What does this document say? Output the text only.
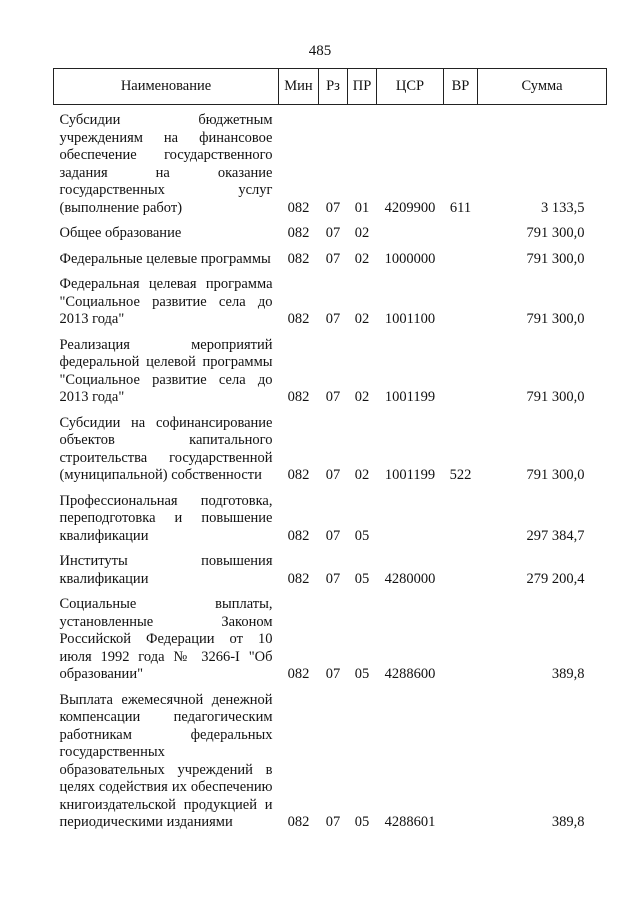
485
Наименование	Мин	Рз	ПР	ЦСР	ВР	Сумма
Субсидии бюджетным учреждениям на финансовое обеспечение государственного задания на оказание государственных услуг (выполнение работ)	082	07	01	4209900	611	3 133,5
Общее образование	082	07	02			791 300,0
Федеральные целевые программы	082	07	02	1000000		791 300,0
Федеральная целевая программа "Социальное развитие села до 2013 года"	082	07	02	1001100		791 300,0
Реализация мероприятий федеральной целевой программы "Социальное развитие села до 2013 года"	082	07	02	1001199		791 300,0
Субсидии на софинансирование объектов капитального строительства государственной (муниципальной) собственности	082	07	02	1001199	522	791 300,0
Профессиональная подготовка, переподготовка и повышение квалификации	082	07	05			297 384,7
Институты повышения квалификации	082	07	05	4280000		279 200,4
Социальные выплаты, установленные Законом Российской Федерации от 10 июля 1992 года № 3266-I "Об образовании"	082	07	05	4288600		389,8
Выплата ежемесячной денежной компенсации педагогическим работникам федеральных государственных образовательных учреждений в целях содействия их обеспечению книгоиздательской продукцией и периодическими изданиями	082	07	05	4288601		389,8
